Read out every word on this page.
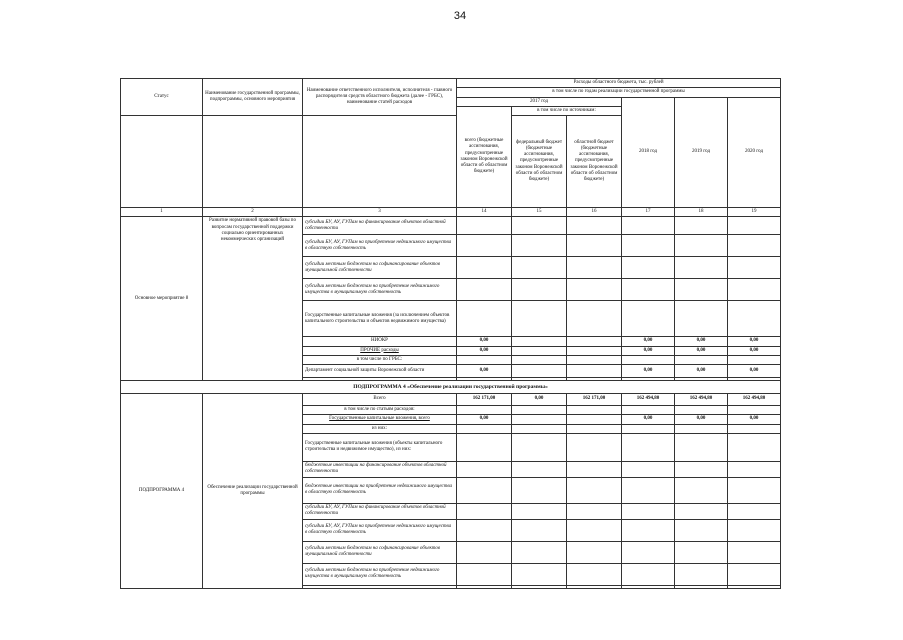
34
Статус	Наименование государственной программы, подпрограммы, основного мероприятия	Наименование ответственного исполнителя, исполнителя - главного распорядителя средств областного бюджета (далее - ГРБС), наименование статей расходов	Расходы областного бюджета, тыс. рублей					
			в том числе по годам реализации государственной программы					
			2017 год			2018 год	2019 год	2020 год
			всего (бюджетные ассигнования, предусмотренные законом Воронежской области об областном бюджете)	в том числе по источникам:				
				федеральный бюджет (бюджетные ассигнования, предусмотренные законом Воронежской области об областном бюджете)	областной бюджет (бюджетные ассигнования, предусмотренные законом Воронежской области об областном бюджете)			
1	2	3	14	15	16	17	18	19
Основное мероприятие 8	Развитие нормативной правовой базы по вопросам государственной поддержки социально ориентированных некоммерческих организаций	субсидии БУ, АУ, ГУПам на финансирование объектов областной собственности						
		субсидии БУ, АУ, ГУПам на приобретение недвижимого имущества в областную собственность						
		субсидии местным бюджетам на софинансирование объектов муниципальной собственности						
		субсидии местным бюджетам на приобретение недвижимого имущества в муниципальную собственность						
		Государственные капитальные вложения (за исключением объектов капитального строительства и объектов недвижимого имущества)						
		НИОКР	0,00			0,00	0,00	0,00
		ПРОЧИЕ расходы	0,00			0,00	0,00	0,00
		в том числе по ГРБС:						
		Департамент социальной защиты Воронежской области	0,00			0,00	0,00	0,00

ПОДПРОГРАММА 4 «Обеспечение реализации государственной программы»								
ПОДПРОГРАММА 4	Обеспечение реализации государственной программы	Всего	162 171,00	0,00	162 171,00	162 494,80	162 494,80	162 494,80
		в том числе по статьям расходов:						
		Государственные капитальные вложения, всего	0,00			0,00	0,00	0,00
		из них:						
		Государственные капитальные вложения (объекты капитального строительства и недвижимое имущество), из них:						
		бюджетные инвестиции на финансирование объектов областной собственности						
		бюджетные инвестиции на приобретение недвижимого имущества в областную собственность						
		субсидии БУ, АУ, ГУПам на финансирование объектов областной собственности						
		субсидии БУ, АУ, ГУПам на приобретение недвижимого имущества в областную собственность						
		субсидии местным бюджетам на софинансирование объектов муниципальной собственности						
		субсидии местным бюджетам на приобретение недвижимого имущества в муниципальную собственность						
